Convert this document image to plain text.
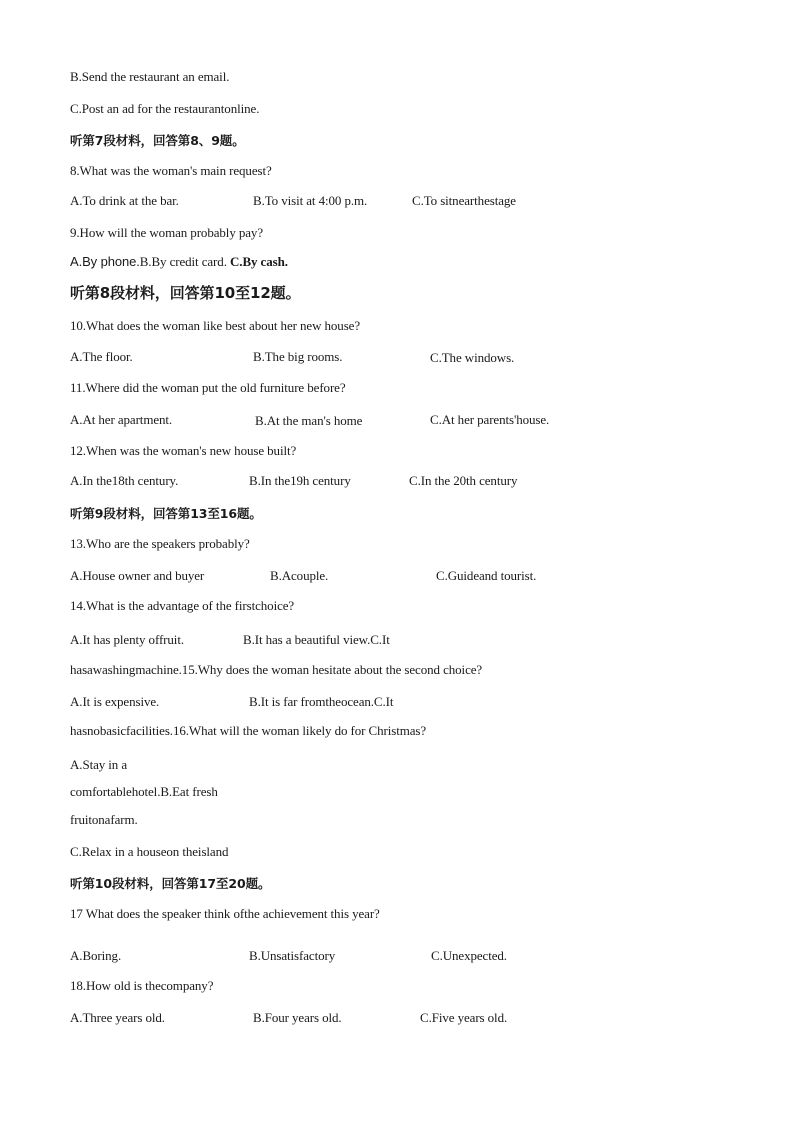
B.Send the restaurant an email.
C.Post an ad for the restaurantonline.
听第7段材料，回答第8、9题。
8.What was the woman's main request?
A.To drink at the bar.	B.To visit at 4:00 p.m.	C.To sitnearthestage
9.How will the woman probably pay?
A.By phone.B.By credit card. C.By cash.
听第8段材料，回答第10至12题。
10.What does the woman like best about her new house?
A.The floor.	B.The big rooms.	C.The windows.
11.Where did the woman put the old furniture before?
A.At her apartment.	B.At the man's home	C.At her parents'house.
12.When was the woman's new house built?
A.In the18th century.	B.In the19h century	C.In the 20th century
听第9段材料，回答第13至16题。
13.Who are the speakers probably?
A.House owner and buyer	B.Acouple.	C.Guideand tourist.
14.What is the advantage of the firstchoice?
A.It has plenty offruit.	B.It has a beautiful view.C.It
hasawashingmachine.15.Why does the woman hesitate about the second choice?
A.It is expensive.	B.It is far fromtheocean.C.It
hasnobasicfacilities.16.What will the woman likely do for Christmas?
A.Stay in a
comfortablehotel.B.Eat fresh
fruitonafarm.
C.Relax in a houseon theisland
听第10段材料，回答第17至20题。
17 What does the speaker think ofthe achievement this year?
A.Boring.	B.Unsatisfactory	C.Unexpected.
18.How old is thecompany?
A.Three years old.	B.Four years old.	C.Five years old.
